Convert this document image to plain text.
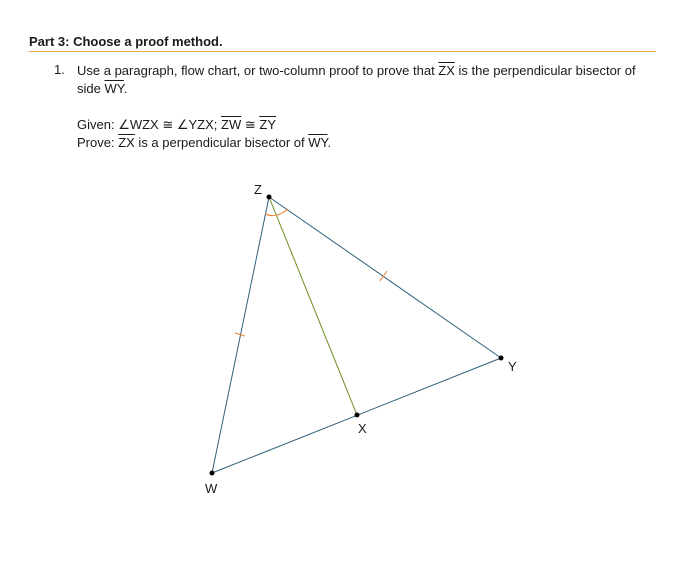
Part 3: Choose a proof method.
1. Use a paragraph, flow chart, or two-column proof to prove that $\overline{ZX}$ is the perpendicular bisector of
side $\overline{WY}$.
Given: ∠WZX ≅ ∠YZX; $\overline{ZW}$ ≅ $\overline{ZY}$
Prove: $\overline{ZX}$ is a perpendicular bisector of $\overline{WY}$.
Z
Y
X
W
